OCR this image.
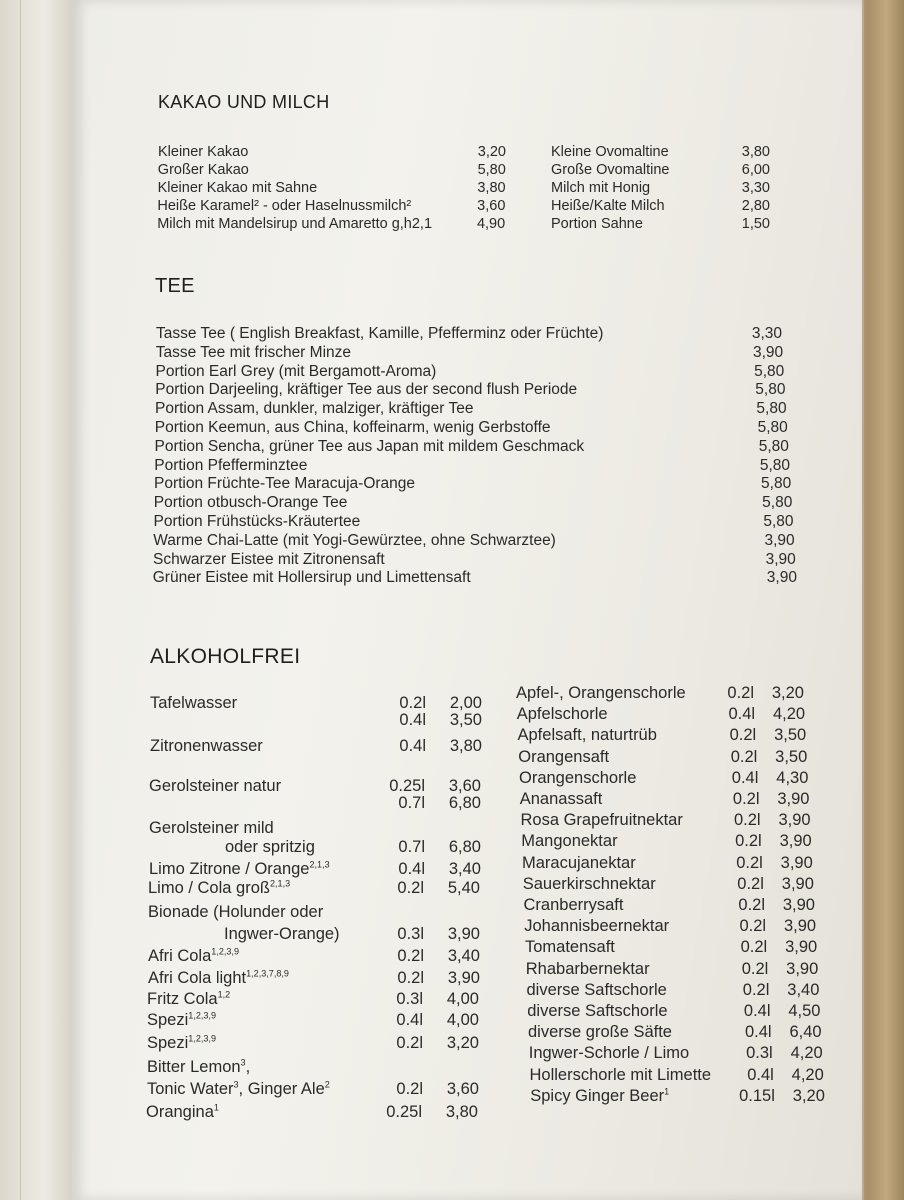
KAKAO UND MILCH
Kleiner Kakao	3,20
Großer Kakao	5,80
Kleiner Kakao mit Sahne	3,80
Heiße Karamel² - oder Haselnussmilch²	3,60
Milch mit Mandelsirup und Amaretto g,h2,1	4,90
Kleine Ovomaltine	3,80
Große Ovomaltine	6,00
Milch mit Honig	3,30
Heiße/Kalte Milch	2,80
Portion Sahne	1,50
TEE
Tasse Tee ( English Breakfast, Kamille, Pfefferminz oder Früchte)	3,30
Tasse Tee mit frischer Minze	3,90
Portion Earl Grey (mit Bergamott-Aroma)	5,80
Portion Darjeeling, kräftiger Tee aus der second flush Periode	5,80
Portion Assam, dunkler, malziger, kräftiger Tee	5,80
Portion Keemun, aus China, koffeinarm, wenig Gerbstoffe	5,80
Portion Sencha, grüner Tee aus Japan mit mildem Geschmack	5,80
Portion Pfefferminztee	5,80
Portion Früchte-Tee Maracuja-Orange	5,80
Portion otbusch-Orange Tee	5,80
Portion Frühstücks-Kräutertee	5,80
Warme Chai-Latte (mit Yogi-Gewürztee, ohne Schwarztee)	3,90
Schwarzer Eistee mit Zitronensaft	3,90
Grüner Eistee mit Hollersirup und Limettensaft	3,90
ALKOHOLFREI
Tafelwasser	0.2l 2,00
0.4l 3,50
Zitronenwasser	0.4l 3,80
Gerolsteiner natur	0.25l 3,60
0.7l 6,80
Gerolsteiner mild
oder spritzig	0.7l 6,80
Limo Zitrone / Orange$^{2,1,3}$	0.4l 3,40
Limo / Cola groß$^{2,1,3}$	0.2l 5,40
Bionade (Holunder oder
Ingwer-Orange)	0.3l 3,90
Afri Cola$^{1,2,3,9}$	0.2l 3,40
Afri Cola light$^{1,2,3,7,8,9}$	0.2l 3,90
Fritz Cola$^{1,2}$	0.3l 4,00
Spezi$^{1,2,3,9}$	0.4l 4,00
Spezi$^{1,2,3,9}$	0.2l 3,20
Bitter Lemon$^3$,
Tonic Water$^3$, Ginger Ale$^2$	0.2l 3,60
Orangina$^1$	0.25l 3,80
Apfel-, Orangenschorle	0.2l 3,20
Apfelschorle	0.4l 4,20
Apfelsaft, naturtrüb	0.2l 3,50
Orangensaft	0.2l 3,50
Orangenschorle	0.4l 4,30
Ananassaft	0.2l 3,90
Rosa Grapefruitnektar	0.2l 3,90
Mangonektar	0.2l 3,90
Maracujanektar	0.2l 3,90
Sauerkirschnektar	0.2l 3,90
Cranberrysaft	0.2l 3,90
Johannisbeernektar	0.2l 3,90
Tomatensaft	0.2l 3,90
Rhabarbernektar	0.2l 3,90
diverse Saftschorle	0.2l 3,40
diverse Saftschorle	0.4l 4,50
diverse große Säfte	0.4l 6,40
Ingwer-Schorle / Limo	0.3l 4,20
Hollerschorle mit Limette 0.4l 4,20
Spicy Ginger Beer$^1$	0.15l 3,20
